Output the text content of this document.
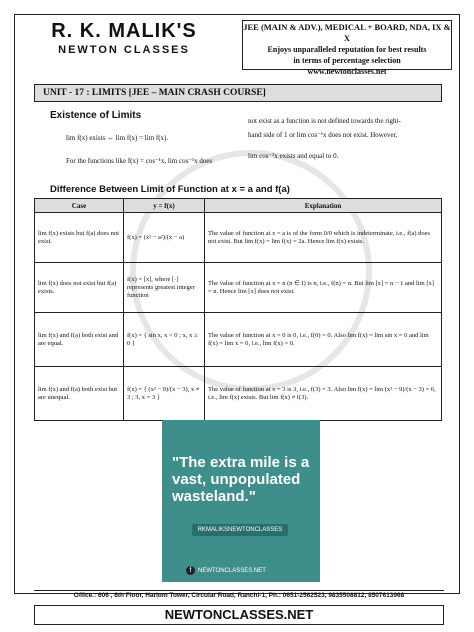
R. K. MALIK'S
NEWTON CLASSES
JEE (MAIN & ADV.), MEDICAL + BOARD, NDA, IX & X
Enjoys unparalleled reputation for best results
in terms of percentage selection
www.newtonclasses.net
UNIT - 17 : LIMITS [JEE – MAIN CRASH COURSE]
Existence of Limits
lim f(x) exists ⇔ lim f(x) = lim f(x).
For the functions like f(x) = cos⁻¹x, lim cos⁻¹x does
not exist as a function is not defined towards the right-
hand side of 1 or lim cos⁻¹x does not exist. However,
lim cos⁻¹x exists and equal to 0.
Difference Between Limit of Function at x = a and f(a)
Case	y = f(x)	Explanation
lim f(x) exists but f(a) does not exist.	f(x) = (x² − a²)/(x − a)	The value of function at x = a is of the form 0/0 which is indeterminate, i.e., f(a) does not exist. But lim f(x) = lim f(x) = 2a. Hence lim f(x) exists.
lim f(x) does not exist but f(a) exists.	f(x) = [x], where [·] represents greatest integer function	The value of function at x = n (n ∈ I) is n, i.e., f(n) = n. But lim [x] = n − 1 and lim [x] = n. Hence lim [x] does not exist.
lim f(x) and f(a) both exist and are equal.	f(x) = { sin x, x < 0 ; x, x ≥ 0 }	The value of function at x = 0 is 0, i.e., f(0) = 0. Also lim f(x) = lim sin x = 0 and lim f(x) = lim x = 0, i.e., lim f(x) = 0.
lim f(x) and f(a) both exist but are unequal.	f(x) = { (x² − 9)/(x − 3), x ≠ 3 ; 3, x = 3 }	The value of function at x = 3 is 3, i.e., f(3) = 3. Also lim f(x) = lim (x² − 9)/(x − 3) = 6, i.e., lim f(x) exists. But lim f(x) ≠ f(3).
"The extra mile is a vast, unpopulated wasteland."
RKMALIKSNEWTONCLASSES
f	NEWTONCLASSES.NET
Office.: 606 , 6th Floor, Hariom Tower, Circular Road, Ranchi-1, Ph.: 0651-2562523, 9835508812, 8507613968
NEWTONCLASSES.NET
